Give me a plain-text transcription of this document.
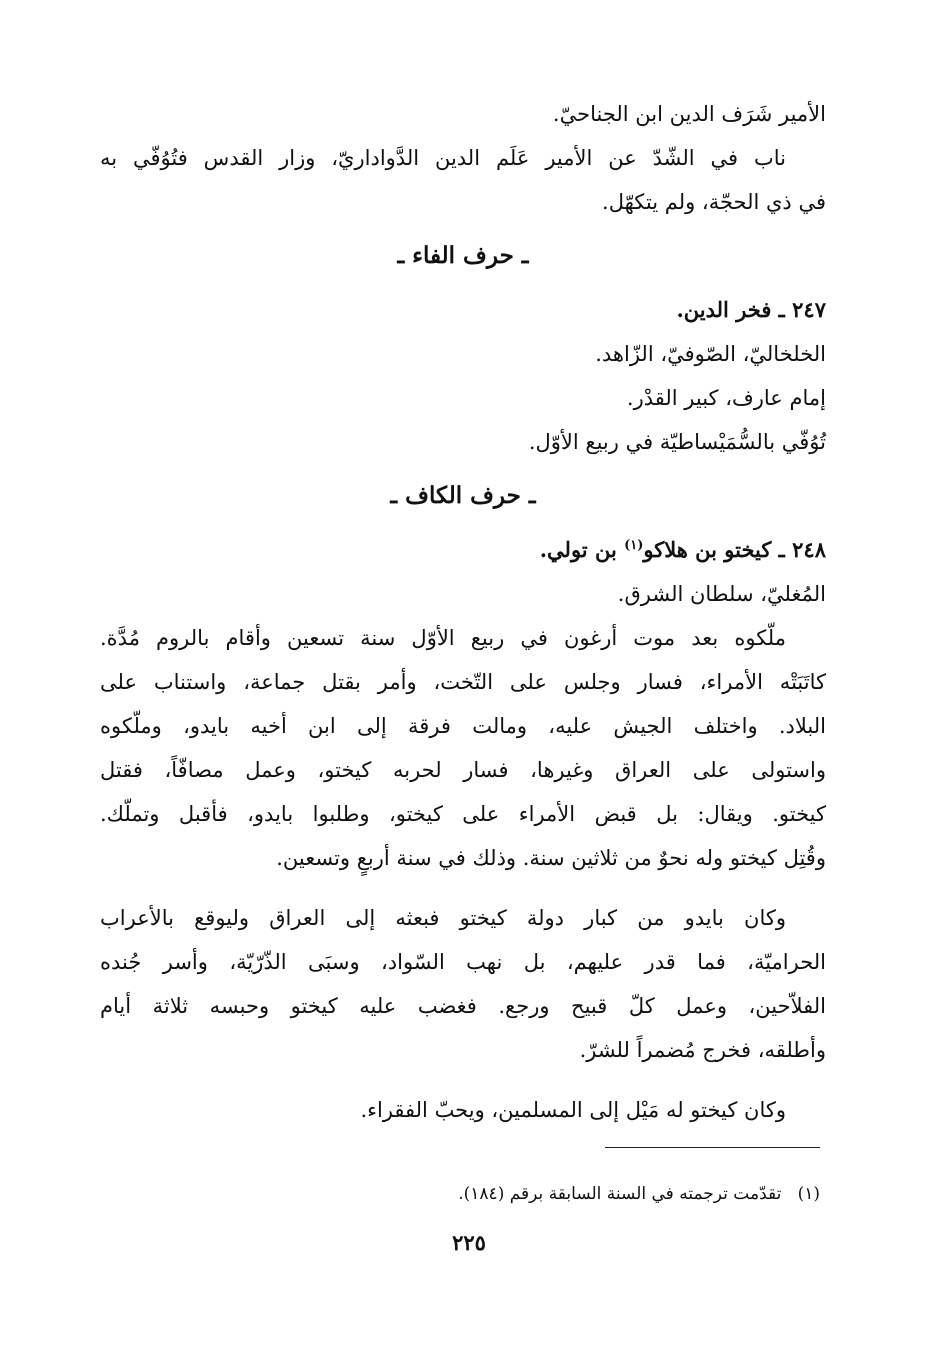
الأمير شَرَف الدين ابن الجناحيّ.
ناب في الشّدّ عن الأمير عَلَم الدين الدَّواداريّ، وزار القدس فتُوُفّي به
في ذي الحجّة، ولم يتكهّل.
ـ حرف الفاء ـ
٢٤٧ ـ فخر الدين.
الخلخاليّ، الصّوفيّ، الزّاهد.
إمام عارف، كبير القدْر.
تُوُفّي بالسُّمَيْساطيّة في ربيع الأوّل.
ـ حرف الكاف ـ
٢٤٨ ـ كيختو بن هلاكو$^{(١)}$ بن تولي.
المُغليّ، سلطان الشرق.
ملّكوه بعد موت أرغون في ربيع الأوّل سنة تسعين وأقام بالروم مُدَّة.
كاتَبَتْه الأمراء، فسار وجلس على التّخت، وأمر بقتل جماعة، واستناب على
البلاد. واختلف الجيش عليه، ومالت فرقة إلى ابن أخيه بايدو، وملّكوه
واستولى على العراق وغيرها، فسار لحربه كيختو، وعمل مصافّاً، فقتل
كيختو. ويقال: بل قبض الأمراء على كيختو، وطلبوا بايدو، فأقبل وتملّك.
وقُتِل كيختو وله نحوٌ من ثلاثين سنة. وذلك في سنة أربعٍ وتسعين.
وكان بايدو من كبار دولة كيختو فبعثه إلى العراق وليوقع بالأعراب
الحراميّة، فما قدر عليهم، بل نهب السّواد، وسبَى الذّرّيّة، وأسر جُنده
الفلاّحين، وعمل كلّ قبيح ورجع. فغضب عليه كيختو وحبسه ثلاثة أيام
وأطلقه، فخرج مُضمراً للشرّ.
وكان كيختو له مَيْل إلى المسلمين، ويحبّ الفقراء.
(١)   تقدّمت ترجمته في السنة السابقة برقم (١٨٤).
٢٢٥
